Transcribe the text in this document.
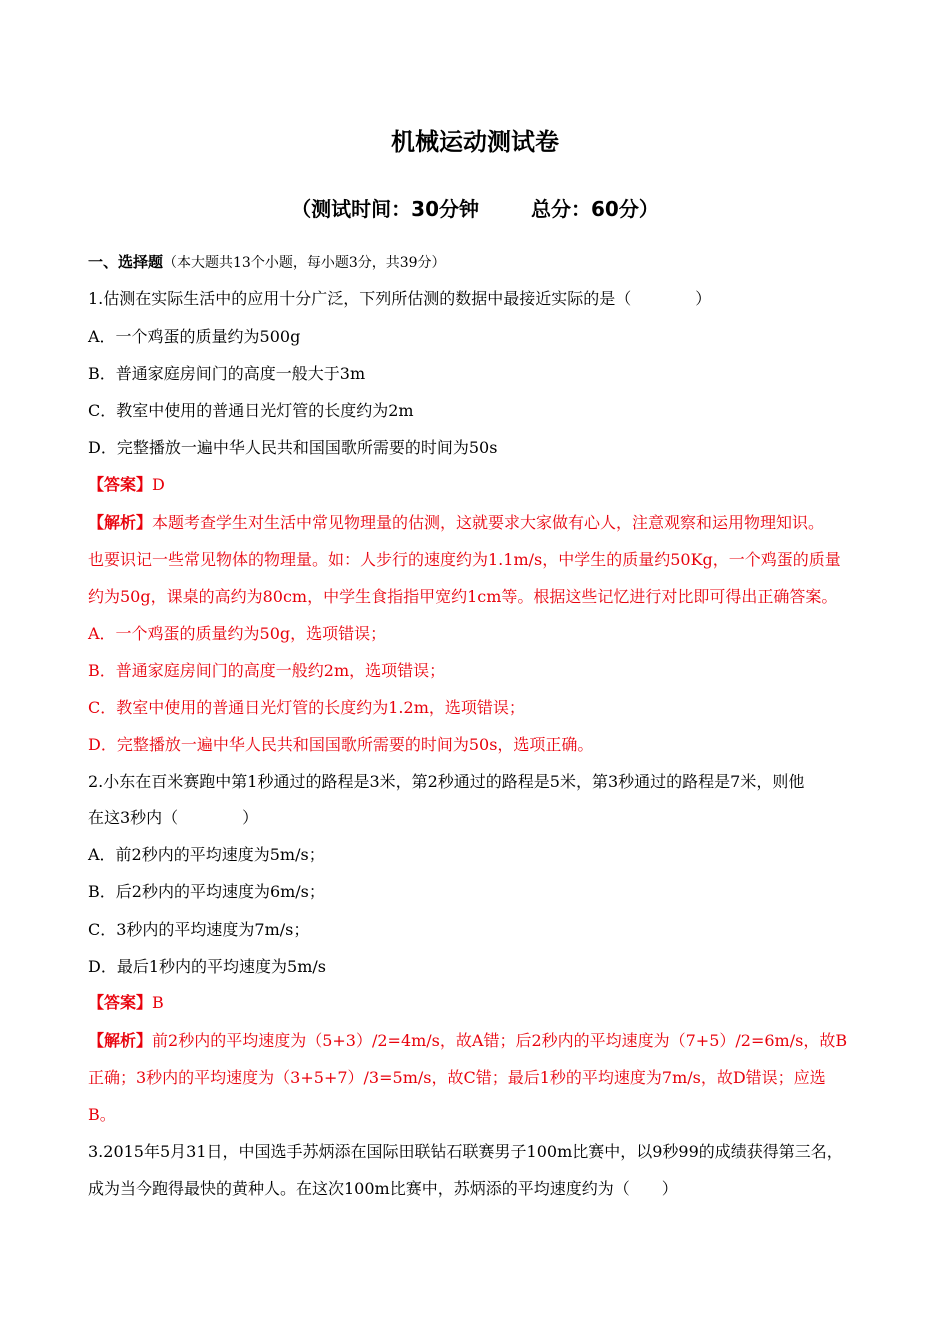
机械运动测试卷
（测试时间：30分钟	总分：60分）
一、选择题（本大题共13个小题，每小题3分，共39分）
1.估测在实际生活中的应用十分广泛，下列所估测的数据中最接近实际的是（　　　　）
A．一个鸡蛋的质量约为500g
B．普通家庭房间门的高度一般大于3m
C．教室中使用的普通日光灯管的长度约为2m
D．完整播放一遍中华人民共和国国歌所需要的时间为50s
【答案】D
【解析】本题考查学生对生活中常见物理量的估测，这就要求大家做有心人，注意观察和运用物理知识。
也要识记一些常见物体的物理量。如：人步行的速度约为1.1m/s，中学生的质量约50Kg，一个鸡蛋的质量
约为50g，课桌的高约为80cm，中学生食指指甲宽约1cm等。根据这些记忆进行对比即可得出正确答案。
A．一个鸡蛋的质量约为50g，选项错误；
B．普通家庭房间门的高度一般约2m，选项错误；
C．教室中使用的普通日光灯管的长度约为1.2m，选项错误；
D．完整播放一遍中华人民共和国国歌所需要的时间为50s，选项正确。
2.小东在百米赛跑中第1秒通过的路程是3米，第2秒通过的路程是5米，第3秒通过的路程是7米，则他
在这3秒内（　　　　）
A．前2秒内的平均速度为5m/s；
B．后2秒内的平均速度为6m/s；
C．3秒内的平均速度为7m/s；
D．最后1秒内的平均速度为5m/s
【答案】B
【解析】前2秒内的平均速度为（5+3）/2=4m/s，故A错；后2秒内的平均速度为（7+5）/2=6m/s，故B
正确；3秒内的平均速度为（3+5+7）/3=5m/s，故C错；最后1秒的平均速度为7m/s，故D错误；应选
B。
3.2015年5月31日，中国选手苏炳添在国际田联钻石联赛男子100m比赛中，以9秒99的成绩获得第三名，
成为当今跑得最快的黄种人。在这次100m比赛中，苏炳添的平均速度约为（　　）
